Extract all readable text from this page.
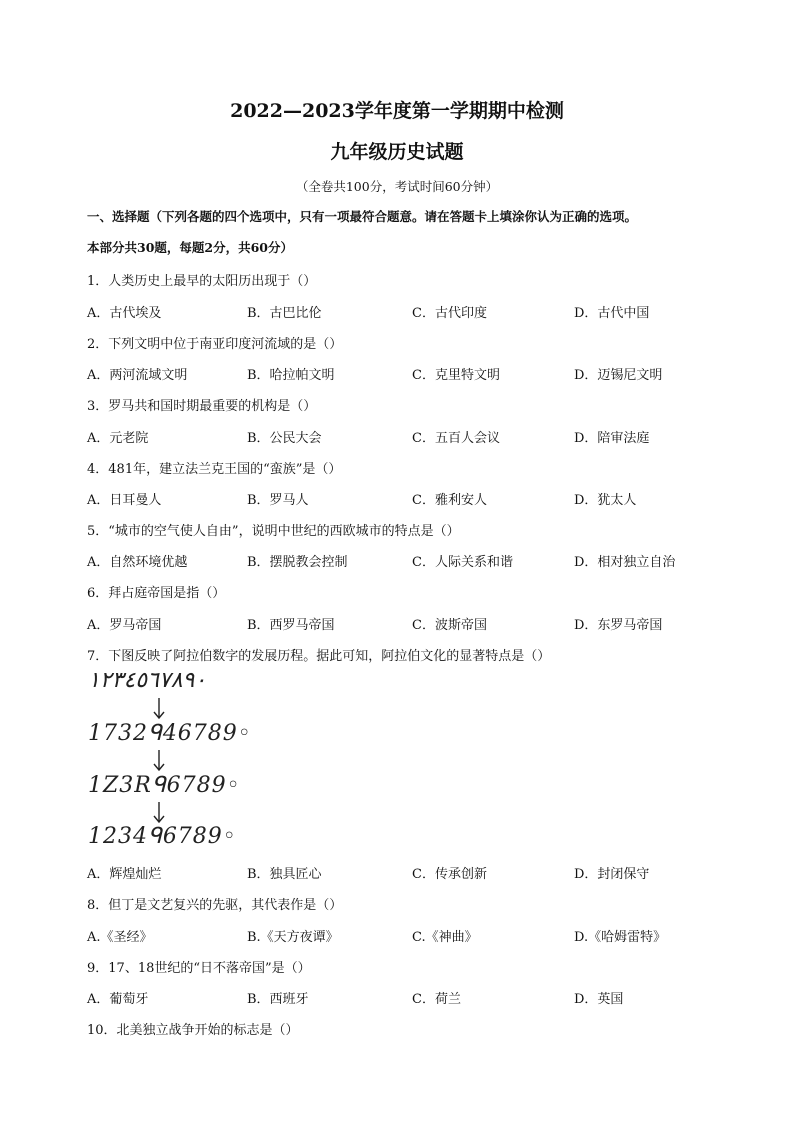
2022—2023学年度第一学期期中检测
九年级历史试题
（全卷共100分，考试时间60分钟）
一、选择题（下列各题的四个选项中，只有一项最符合题意。请在答题卡上填涂你认为正确的选项。
本部分共30题，每题2分，共60分）
1．人类历史上最早的太阳历出现于（）
A．古代埃及	B．古巴比伦	C．古代印度	D．古代中国
2．下列文明中位于南亚印度河流域的是（）
A．两河流域文明	B．哈拉帕文明	C．克里特文明	D．迈锡尼文明
3．罗马共和国时期最重要的机构是（）
A．元老院	B．公民大会	C．五百人会议	D．陪审法庭
4．481年，建立法兰克王国的“蛮族”是（）
A．日耳曼人	B．罗马人	C．雅利安人	D．犹太人
5．“城市的空气使人自由”，说明中世纪的西欧城市的特点是（）
A．自然环境优越	B．摆脱教会控制	C．人际关系和谐	D．相对独立自治
6．拜占庭帝国是指（）
A．罗马帝国	B．西罗马帝国	C．波斯帝国	D．东罗马帝国
7．下图反映了阿拉伯数字的发展历程。据此可知，阿拉伯文化的显著特点是（）
١٢٣٤٥٦٧٨٩٠
1732ᑫ46789◦
1Z3Rᑫ6789◦
1234ᑫ6789◦
A．辉煌灿烂	B．独具匠心	C．传承创新	D．封闭保守
8．但丁是文艺复兴的先驱，其代表作是（）
A.《圣经》	B.《天方夜谭》	C.《神曲》	D.《哈姆雷特》
9．17、18世纪的“日不落帝国”是（）
A．葡萄牙	B．西班牙	C．荷兰	D．英国
10．北美独立战争开始的标志是（）
